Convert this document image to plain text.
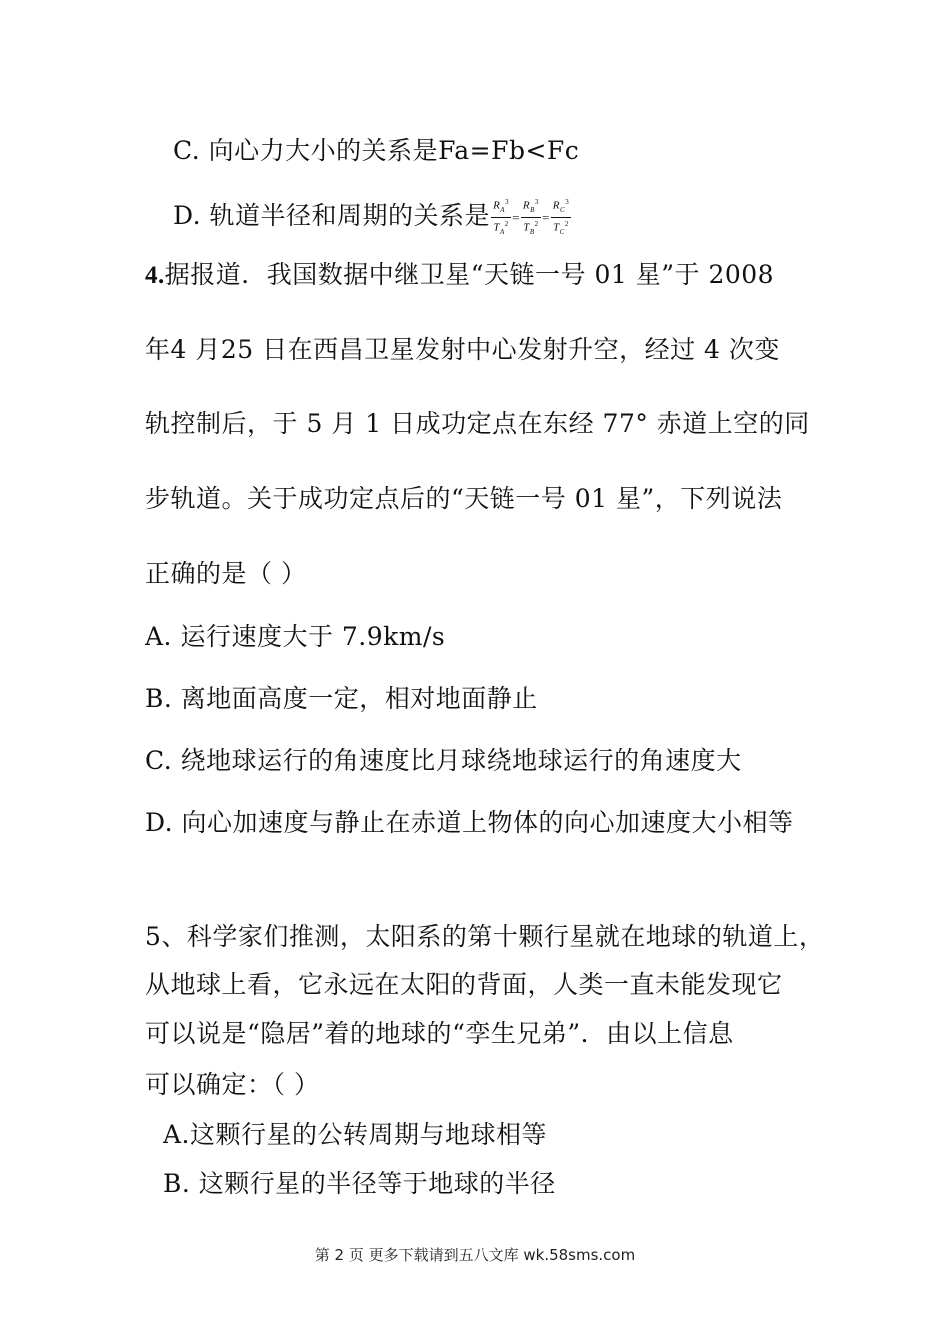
C. 向心力大小的关系是Fa=Fb<Fc
D. 轨道半径和周期的关系是 $\frac{R_A^3}{T_A^2} = \frac{R_B^3}{T_B^2} = \frac{R_C^3}{T_C^2}$
4.据报道．我国数据中继卫星“天链一号 01 星”于 2008
年4 月25 日在西昌卫星发射中心发射升空，经过 4 次变
轨控制后，于 5 月 1 日成功定点在东经 77° 赤道上空的同
步轨道。关于成功定点后的“天链一号 01 星”，下列说法
正确的是（ ）
A. 运行速度大于 7.9km/s
B. 离地面高度一定，相对地面静止
C. 绕地球运行的角速度比月球绕地球运行的角速度大
D. 向心加速度与静止在赤道上物体的向心加速度大小相等
5、科学家们推测，太阳系的第十颗行星就在地球的轨道上，
从地球上看，它永远在太阳的背面，人类一直未能发现它
可以说是“隐居”着的地球的“孪生兄弟”．由以上信息
可以确定：（ ）
A.这颗行星的公转周期与地球相等
B. 这颗行星的半径等于地球的半径
第 2 页 更多下载请到五八文库 wk.58sms.com
